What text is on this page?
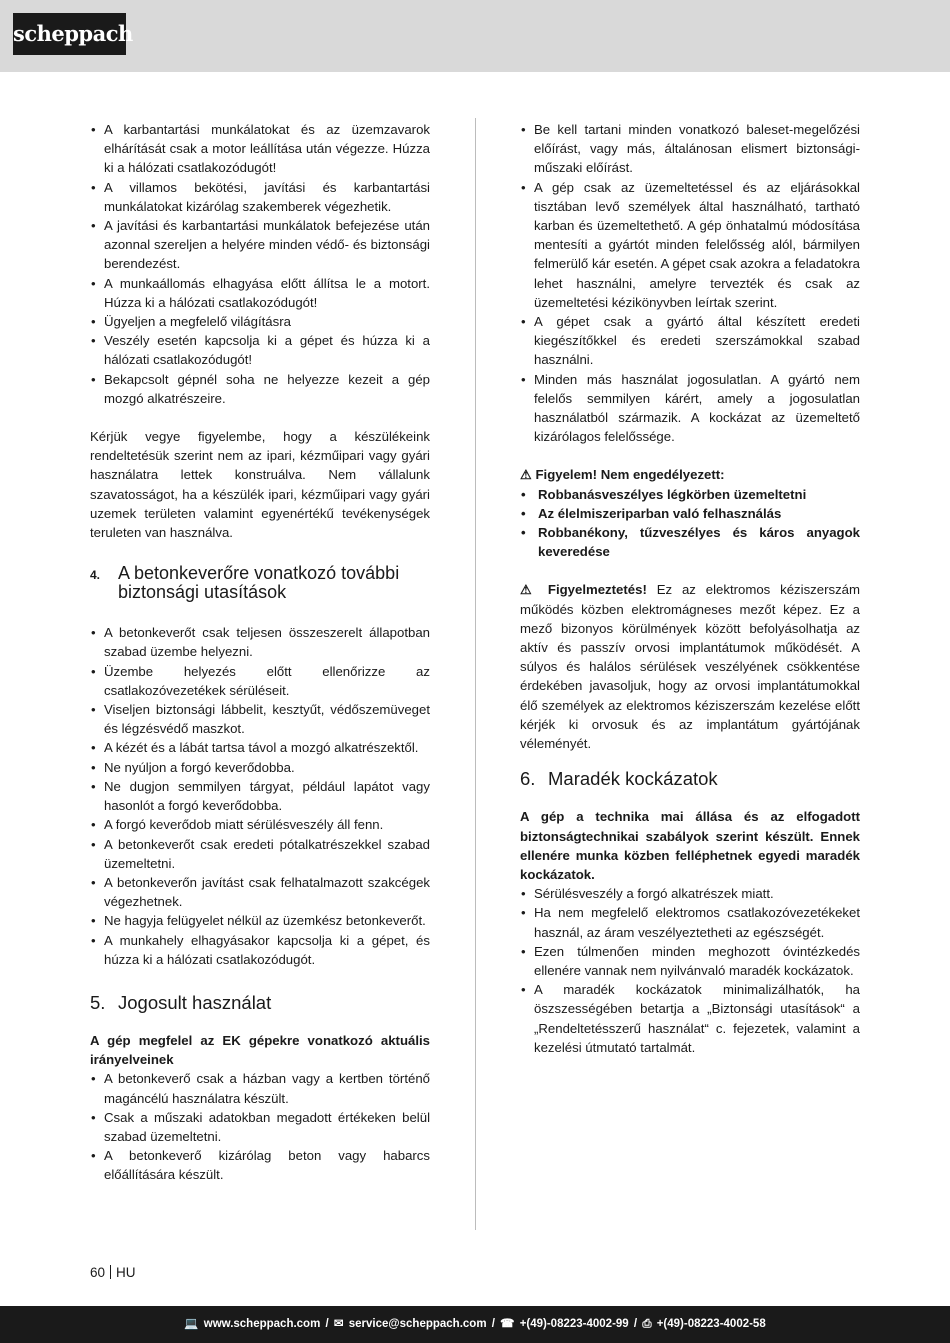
scheppach
• A karbantartási munkálatokat és az üzemzavarok elhárítását csak a motor leállítása után végezze. Húzza ki a hálózati csatlakozódugót!
• A villamos bekötési, javítási és karbantartási munkálatokat kizárólag szakemberek végezhetik.
• A javítási és karbantartási munkálatok befejezése után azonnal szereljen a helyére minden védő- és biztonsági berendezést.
• A munkaállomás elhagyása előtt állítsa le a motort. Húzza ki a hálózati csatlakozódugót!
• Ügyeljen a megfelelő világításra
• Veszély esetén kapcsolja ki a gépet és húzza ki a hálózati csatlakozódugót!
• Bekapcsolt gépnél soha ne helyezze kezeit a gép mozgó alkatrészeire.

Kérjük vegye figyelembe, hogy a készülékeink rendeltetésük szerint nem az ipari, kézműipari vagy gyári használatra lettek konstruálva. Nem vállalunk szavatosságot, ha a készülék ipari, kézműipari vagy gyári uzemek területen valamint egyenértékű tevékenységek teruleten van használva.

4. A betonkeverőre vonatkozó további biztonsági utasítások
• A betonkeverőt csak teljesen összeszerelt állapotban szabad üzembe helyezni.
• Üzembe helyezés előtt ellenőrizze az csatlakozóvezetékek sérüléseit.
• Viseljen biztonsági lábbelit, kesztyűt, védőszemüveget és légzésvédő maszkot.
• A kézét és a lábát tartsa távol a mozgó alkatrészektől.
• Ne nyúljon a forgó keverődobba.
• Ne dugjon semmilyen tárgyat, például lapátot vagy hasonlót a forgó keverődobba.
• A forgó keverődob miatt sérülésveszély áll fenn.
• A betonkeverőt csak eredeti pótalkatrészekkel szabad üzemeltetni.
• A betonkeverőn javítást csak felhatalmazott szakcégek végezhetnek.
• Ne hagyja felügyelet nélkül az üzemkész betonkeverőt.
• A munkahely elhagyásakor kapcsolja ki a gépet, és húzza ki a hálózati csatlakozódugót.
5. Jogosult használat

A gép megfelel az EK gépekre vonatkozó aktuális irányelveinek

• A betonkeverő csak a házban vagy a kertben történő magáncélú használatra készült.
• Csak a műszaki adatokban megadott értékeken belül szabad üzemeltetni.
• A betonkeverő kizárólag beton vagy habarcs előállítására készült.
• Be kell tartani minden vonatkozó baleset-megelőzési előírást, vagy más, általánosan elismert biztonsági-műszaki előírást.
• A gép csak az üzemeltetéssel és az eljárásokkal tisztában levő személyek által használható, tartható karban és üzemeltethető. A gép önhatalmú módosítása mentesíti a gyártót minden felelősség alól, bármilyen felmerülő kár esetén. A gépet csak azokra a feladatokra lehet használni, amelyre tervezték és csak az üzemeltetési kézikönyvben leírtak szerint.
• A gépet csak a gyártó által készített eredeti kiegészítőkkel és eredeti szerszámokkal szabad használni.
• Minden más használat jogosulatlan. A gyártó nem felelős semmilyen kárért, amely a jogosulatlan használatból származik. A kockázat az üzemeltető kizárólagos felelőssége.

⚠ Figyelem! Nem engedélyezett:

• Robbanásveszélyes légkörben üzemeltetni
• Az élelmiszeriparban való felhasználás
• Robbanékony, tűzveszélyes és káros anyagok keveredése

⚠ Figyelmeztetés! Ez az elektromos kéziszerszám működés közben elektromágneses mezőt képez. Ez a mező bizonyos körülmények között befolyásolhatja az aktív és passzív orvosi implantátumok működését. A súlyos és halálos sérülések veszélyének csökkentése érdekében javasoljuk, hogy az orvosi implantátumokkal élő személyek az elektromos kéziszerszám kezelése előtt kérjék ki orvosuk és az implantátum gyártójának véleményét.

6. Maradék kockázatok

A gép a technika mai állása és az elfogadott biztonságtechnikai szabályok szerint készült. Ennek ellenére munka közben felléphetnek egyedi maradék kockázatok.

• Sérülésveszély a forgó alkatrészek miatt.
• Ha nem megfelelő elektromos csatlakozóvezetékeket használ, az áram veszélyeztetheti az egészségét.
• Ezen túlmenően minden meghozott óvintézkedés ellenére vannak nem nyilvánvaló maradék kockázatok.
• A maradék kockázatok minimalizálhatók, ha öszszességében betartja a „Biztonsági utasítások“ a „Rendeltetésszerű használat“ c. fejezetek, valamint a kezelési útmutató tartalmát.
60 HU
💻 www.scheppach.com / ✉ service@scheppach.com / ☎ +(49)-08223-4002-99 / ⎙ +(49)-08223-4002-58
